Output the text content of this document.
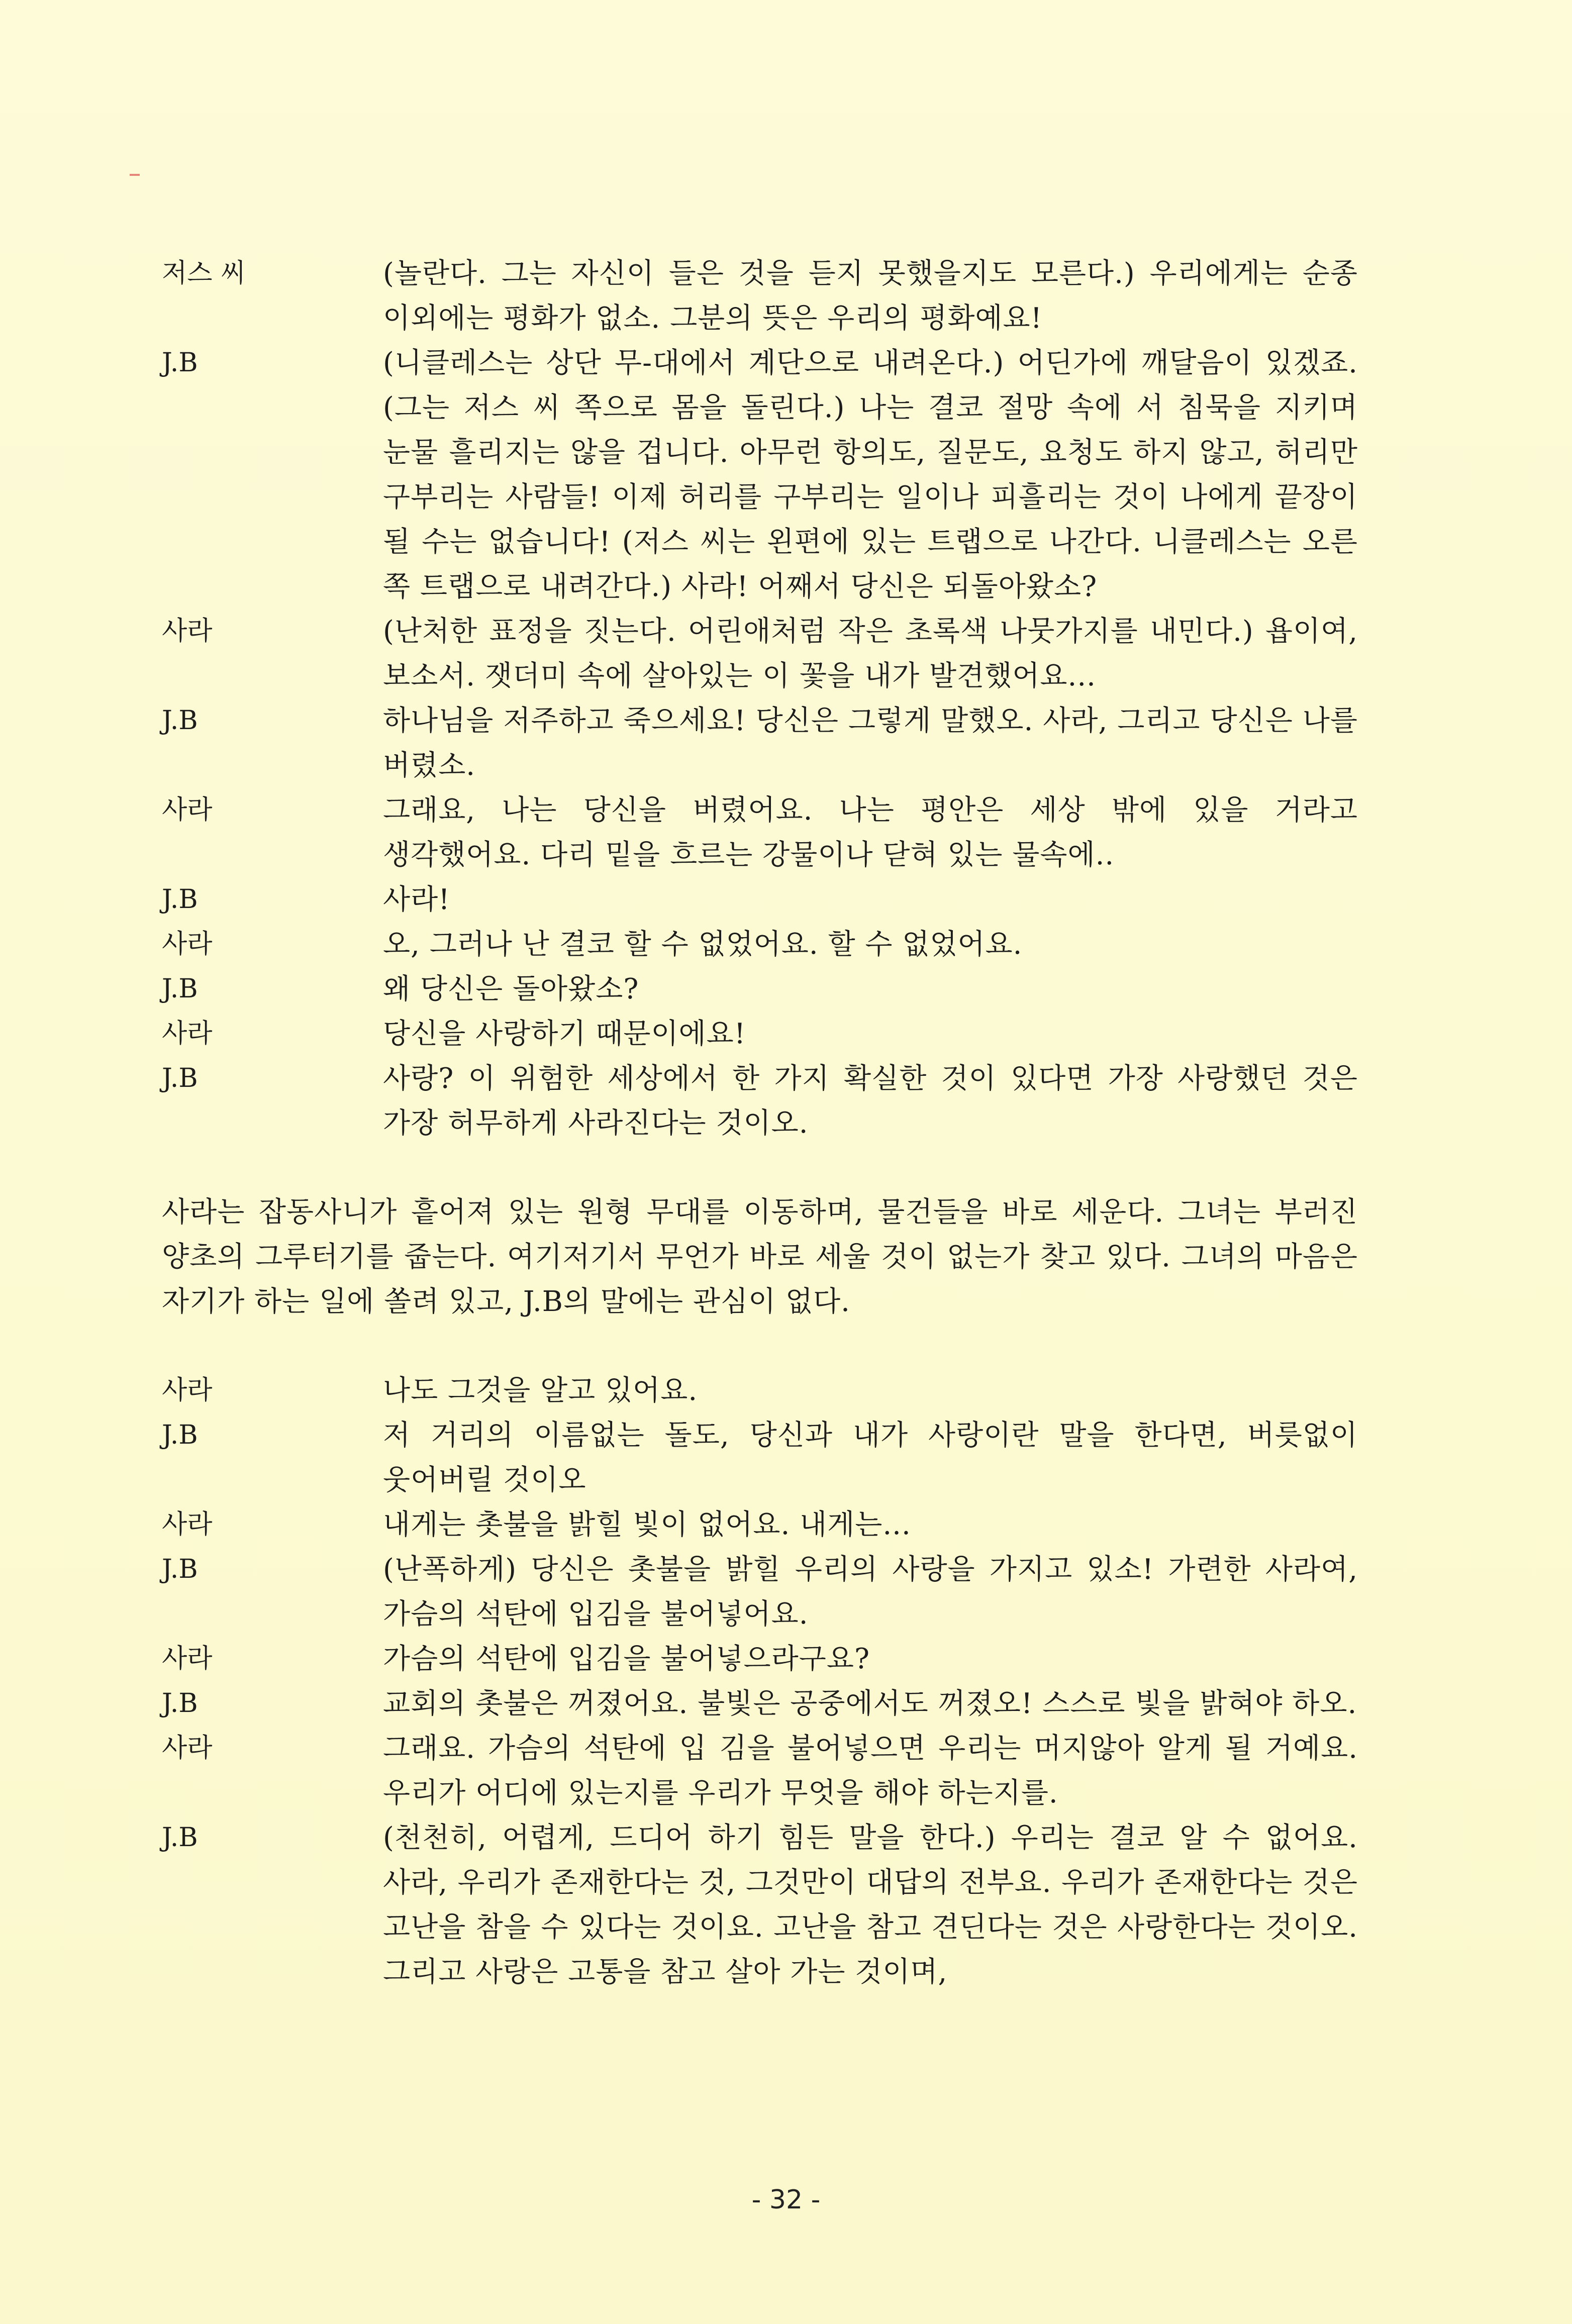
저스 씨	(놀란다. 그는 자신이 들은 것을 듣지 못했을지도 모른다.) 우리에게는 순종 이외에는 평화가 없소. 그분의 뜻은 우리의 평화예요!
J.B	(니클레스는 상단 무-대에서 계단으로 내려온다.) 어딘가에 깨달음이 있겠죠. (그는 저스 씨 쪽으로 몸을 돌린다.) 나는 결코 절망 속에 서 침묵을 지키며 눈물 흘리지는 않을 겁니다. 아무런 항의도, 질문도, 요청도 하지 않고, 허리만 구부리는 사람들! 이제 허리를 구부리는 일이나 피흘리는 것이 나에게 끝장이 될 수는 없습니다! (저스 씨는 왼편에 있는 트랩으로 나간다. 니클레스는 오른 쪽 트랩으로 내려간다.) 사라! 어째서 당신은 되돌아왔소?
사라	(난처한 표정을 짓는다. 어린애처럼 작은 초록색 나뭇가지를 내민다.) 욥이여, 보소서. 잿더미 속에 살아있는 이 꽃을 내가 발견했어요...
J.B	하나님을 저주하고 죽으세요! 당신은 그렇게 말했오. 사라, 그리고 당신은 나를 버렸소.
사라	그래요, 나는 당신을 버렸어요. 나는 평안은 세상 밖에 있을 거라고 생각했어요. 다리 밑을 흐르는 강물이나 닫혀 있는 물속에..
J.B	사라!
사라	오, 그러나 난 결코 할 수 없었어요. 할 수 없었어요.
J.B	왜 당신은 돌아왔소?
사라	당신을 사랑하기 때문이에요!
J.B	사랑? 이 위험한 세상에서 한 가지 확실한 것이 있다면 가장 사랑했던 것은 가장 허무하게 사라진다는 것이오.

사라는 잡동사니가 흩어져 있는 원형 무대를 이동하며, 물건들을 바로 세운다. 그녀는 부러진 양초의 그루터기를 줍는다. 여기저기서 무언가 바로 세울 것이 없는가 찾고 있다. 그녀의 마음은 자기가 하는 일에 쏠려 있고, J.B의 말에는 관심이 없다.

사라	나도 그것을 알고 있어요.
J.B	저 거리의 이름없는 돌도, 당신과 내가 사랑이란 말을 한다면, 버릇없이 웃어버릴 것이오
사라	내게는 촛불을 밝힐 빛이 없어요. 내게는...
J.B	(난폭하게) 당신은 촛불을 밝힐 우리의 사랑을 가지고 있소! 가련한 사라여, 가슴의 석탄에 입김을 불어넣어요.
사라	가슴의 석탄에 입김을 불어넣으라구요?
J.B	교회의 촛불은 꺼졌어요. 불빛은 공중에서도 꺼졌오! 스스로 빛을 밝혀야 하오.
사라	그래요. 가슴의 석탄에 입 김을 불어넣으면 우리는 머지않아 알게 될 거예요. 우리가 어디에 있는지를 우리가 무엇을 해야 하는지를.
J.B	(천천히, 어렵게, 드디어 하기 힘든 말을 한다.) 우리는 결코 알 수 없어요. 사라, 우리가 존재한다는 것, 그것만이 대답의 전부요. 우리가 존재한다는 것은 고난을 참을 수 있다는 것이요. 고난을 참고 견딘다는 것은 사랑한다는 것이오. 그리고 사랑은 고통을 참고 살아 가는 것이며,
- 32 -
